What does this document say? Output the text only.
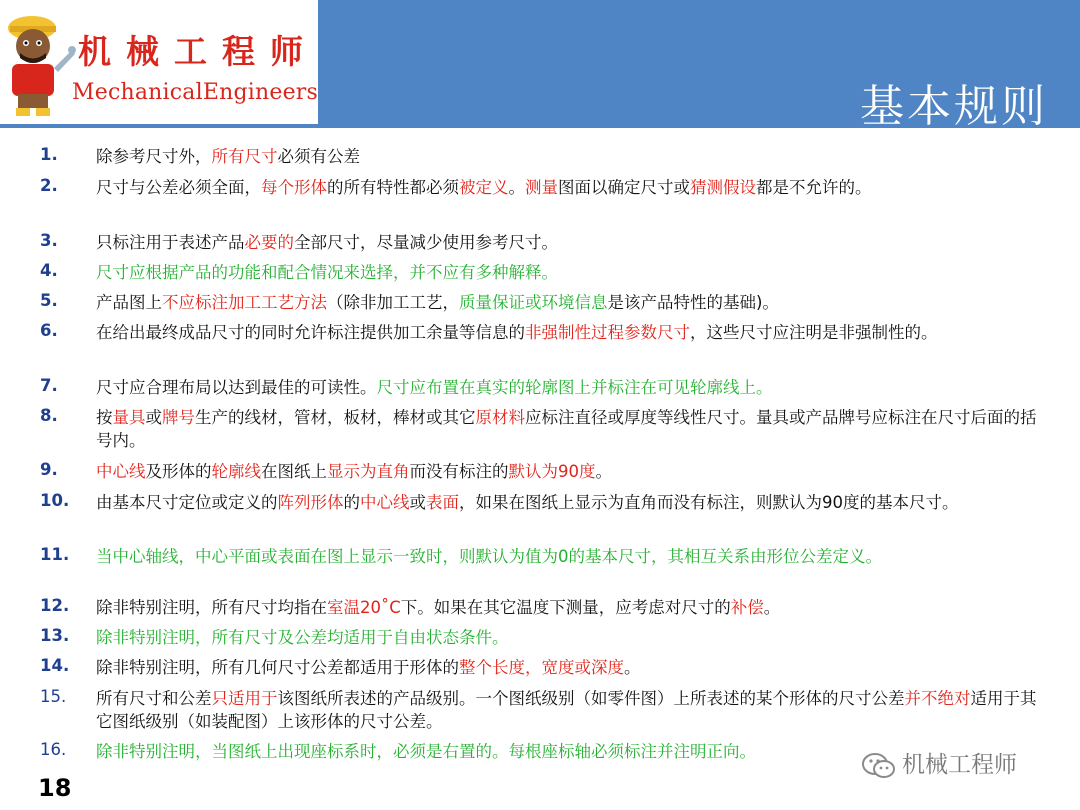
机械工程师
MechanicalEngineers	基本规则
1.	除参考尺寸外，所有尺寸必须有公差
2.	尺寸与公差必须全面，每个形体的所有特性都必须被定义。测量图面以确定尺寸或猜测假设都是不允许的。
3.	只标注用于表述产品必要的全部尺寸，尽量减少使用参考尺寸。
4.	尺寸应根据产品的功能和配合情况来选择，并不应有多种解释。
5.	产品图上不应标注加工工艺方法（除非加工工艺，质量保证或环境信息是该产品特性的基础)。
6.	在给出最终成品尺寸的同时允许标注提供加工余量等信息的非强制性过程参数尺寸，这些尺寸应注明是非强制性的。
7.	尺寸应合理布局以达到最佳的可读性。尺寸应布置在真实的轮廓图上并标注在可见轮廓线上。
8.	按量具或牌号生产的线材，管材，板材，棒材或其它原材料应标注直径或厚度等线性尺寸。量具或产品牌号应标注在尺寸后面的括号内。
9.	中心线及形体的轮廓线在图纸上显示为直角而没有标注的默认为90度。
10.	由基本尺寸定位或定义的阵列形体的中心线或表面，如果在图纸上显示为直角而没有标注，则默认为90度的基本尺寸。
11.	当中心轴线，中心平面或表面在图上显示一致时，则默认为值为0的基本尺寸，其相互关系由形位公差定义。
12.	除非特别注明，所有尺寸均指在室温20˚C下。如果在其它温度下测量，应考虑对尺寸的补偿。
13.	除非特别注明，所有尺寸及公差均适用于自由状态条件。
14.	除非特别注明，所有几何尺寸公差都适用于形体的整个长度，宽度或深度。
15.	所有尺寸和公差只适用于该图纸所表述的产品级别。一个图纸级别（如零件图）上所表述的某个形体的尺寸公差并不绝对适用于其它图纸级别（如装配图）上该形体的尺寸公差。
16.	除非特别注明，当图纸上出现座标系时，必须是右置的。每根座标轴必须标注并注明正向。
18
机械工程师
